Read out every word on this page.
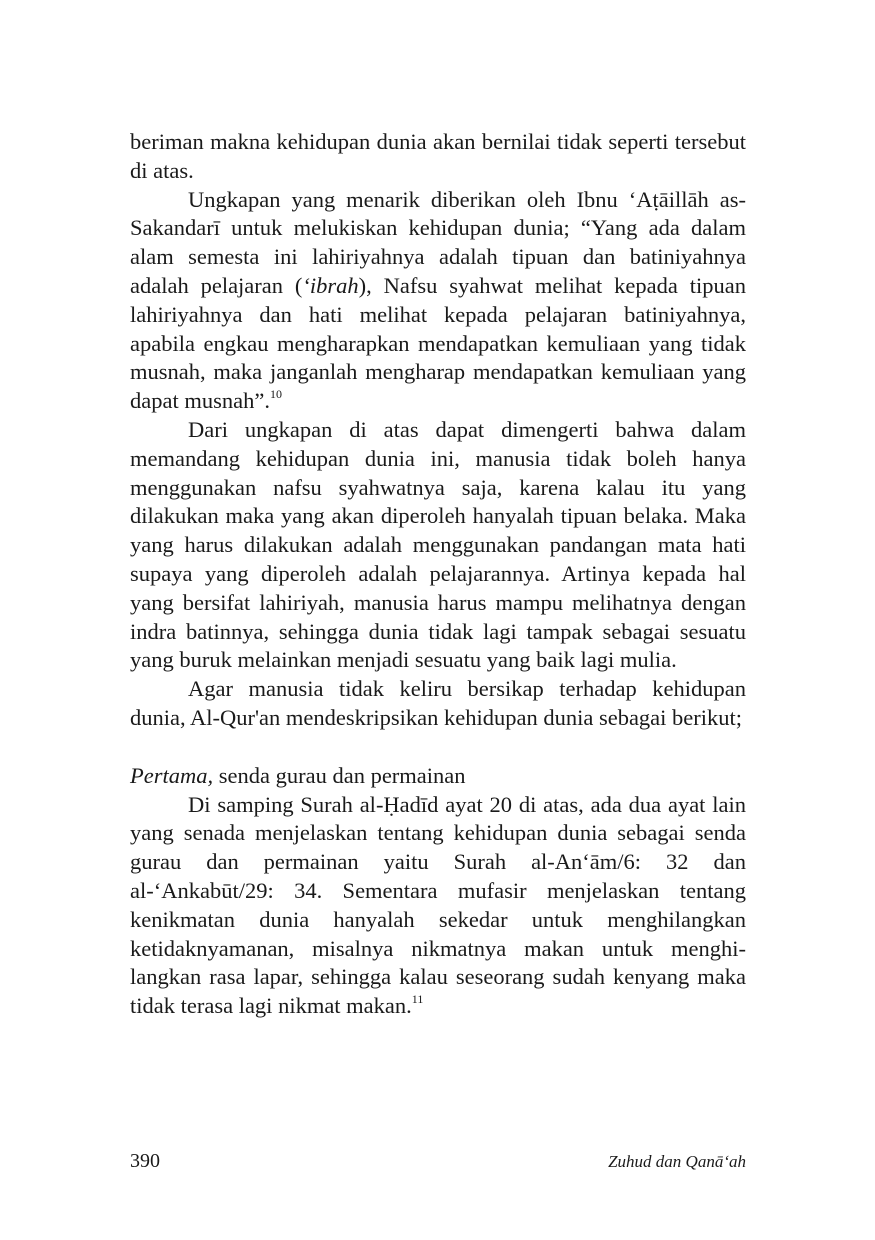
beriman makna kehidupan dunia akan bernilai tidak seperti tersebut di atas.

Ungkapan yang menarik diberikan oleh Ibnu ‘Aṭāillāh as-Sakandarī untuk melukiskan kehidupan dunia; “Yang ada dalam alam semesta ini lahiriyahnya adalah tipuan dan batiniyahnya adalah pelajaran (‘ibrah), Nafsu syahwat melihat kepada tipuan lahiriyahnya dan hati melihat kepada pelajaran batiniyahnya, apabila engkau mengharapkan mendapatkan kemuliaan yang tidak musnah, maka janganlah mengharap mendapatkan kemuliaan yang dapat musnah”.$^{10}$

Dari ungkapan di atas dapat dimengerti bahwa dalam memandang kehidupan dunia ini, manusia tidak boleh hanya menggunakan nafsu syahwatnya saja, karena kalau itu yang dilakukan maka yang akan diperoleh hanyalah tipuan belaka. Maka yang harus dilakukan adalah menggunakan pandangan mata hati supaya yang diperoleh adalah pelajarannya. Artinya kepada hal yang bersifat lahiriyah, manusia harus mampu melihatnya dengan indra batinnya, sehingga dunia tidak lagi tampak sebagai sesuatu yang buruk melainkan menjadi sesuatu yang baik lagi mulia.

Agar manusia tidak keliru bersikap terhadap kehidupan dunia, Al-Qur'an mendeskripsikan kehidupan dunia sebagai berikut;

Pertama, senda gurau dan permainan

Di samping Surah al-Ḥadīd ayat 20 di atas, ada dua ayat lain yang senada menjelaskan tentang kehidupan dunia sebagai senda gurau dan permainan yaitu Surah al-An‘ām/6: 32 dan al-‘Ankabūt/29: 34. Sementara mufasir menjelaskan tentang kenikmatan dunia hanyalah sekedar untuk menghilangkan ketidaknyamanan, misalnya nikmatnya makan untuk menghi-langkan rasa lapar, sehingga kalau seseorang sudah kenyang maka tidak terasa lagi nikmat makan.$^{11}$

390	Zuhud dan Qanā‘ah
